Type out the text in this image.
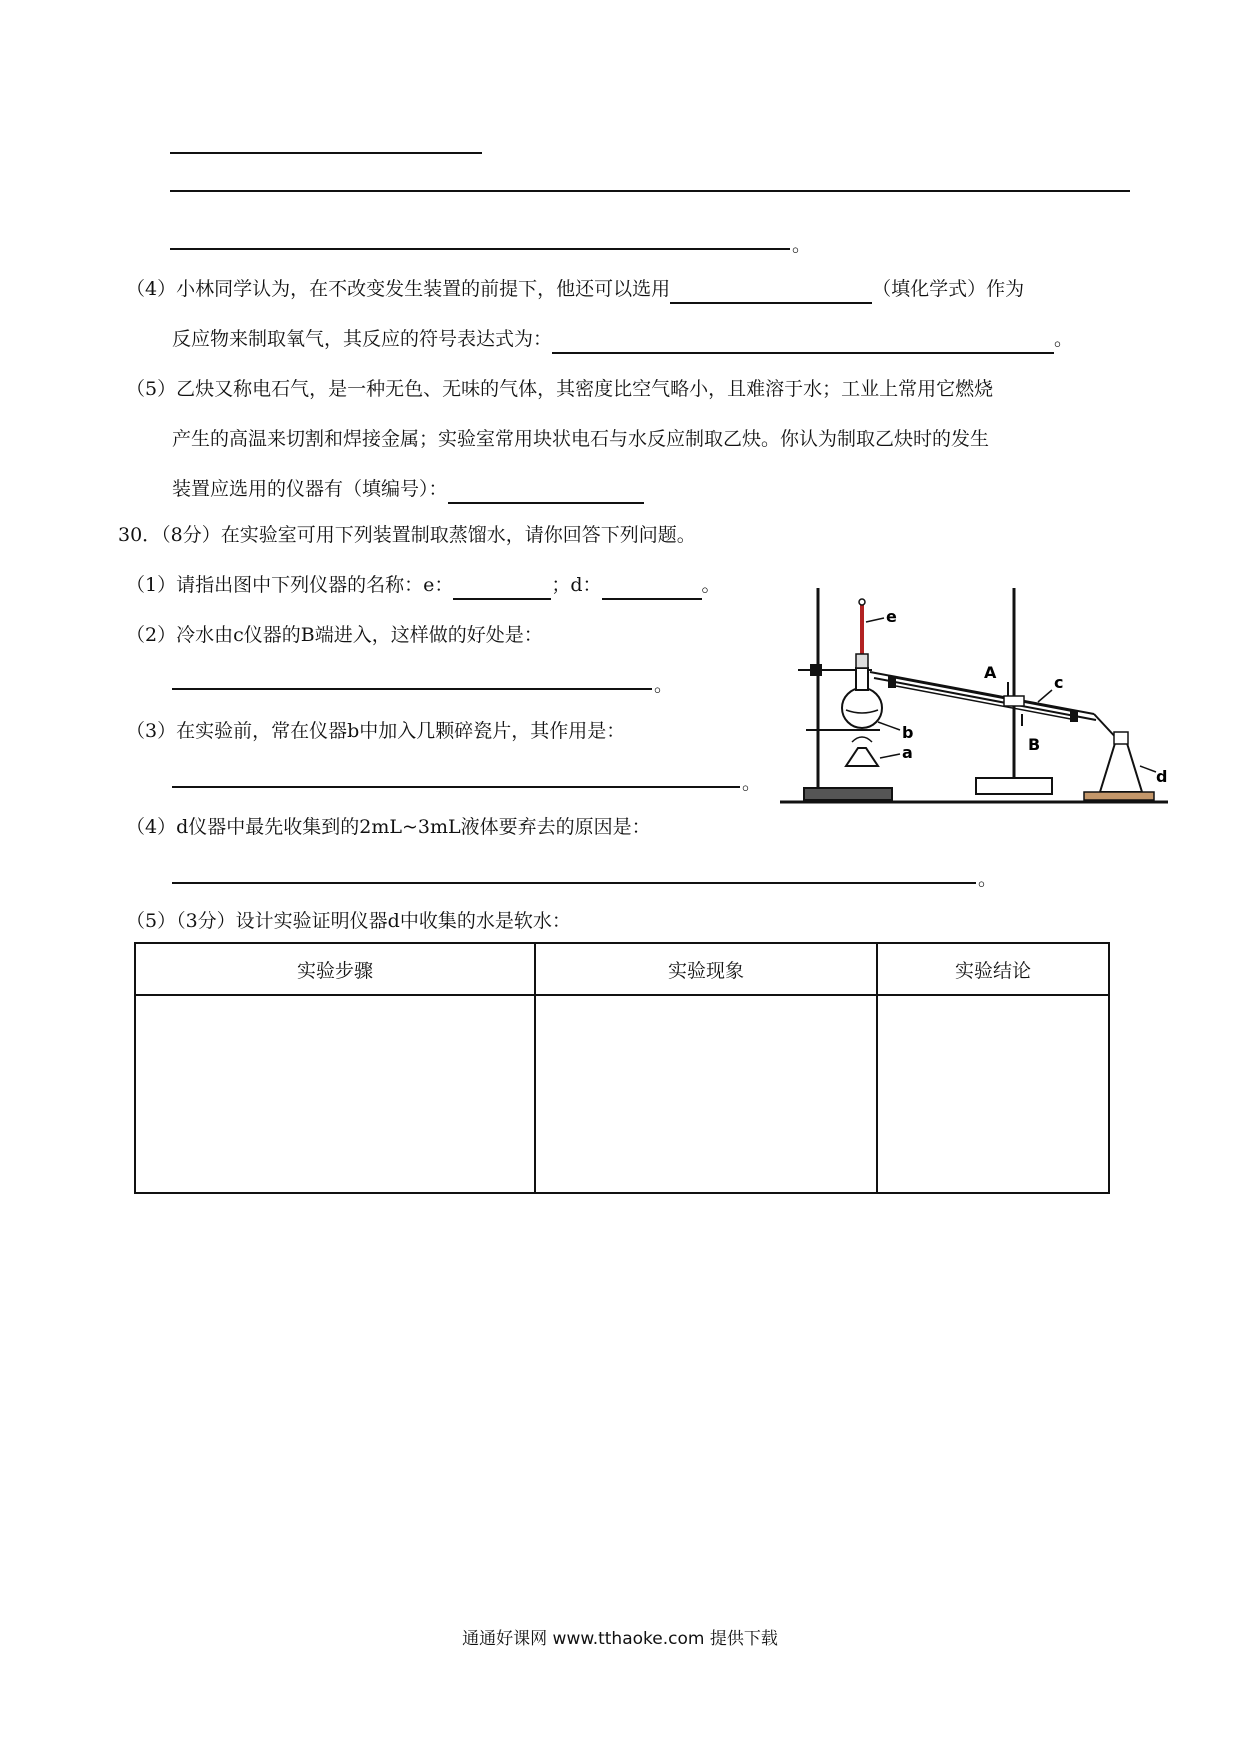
。
（4）小林同学认为，在不改变发生装置的前提下，他还可以选用	（填化学式）作为
反应物来制取氧气，其反应的符号表达式为：	。
（5）乙炔又称电石气，是一种无色、无味的气体，其密度比空气略小，且难溶于水；工业上常用它燃烧
产生的高温来切割和焊接金属；实验室常用块状电石与水反应制取乙炔。你认为制取乙炔时的发生
装置应选用的仪器有（填编号）：
30．（8分）在实验室可用下列装置制取蒸馏水，请你回答下列问题。
（1）请指出图中下列仪器的名称：e：	；d：	。
（2）冷水由c仪器的B端进入，这样做的好处是：
。
（3）在实验前，常在仪器b中加入几颗碎瓷片，其作用是：
。
（4）d仪器中最先收集到的2mL~3mL液体要弃去的原因是：
。
（5）（3分）设计实验证明仪器d中收集的水是软水：
e
A
c
b
B
a
d
实验步骤	实验现象	实验结论

通通好课网 www.tthaoke.com 提供下载
